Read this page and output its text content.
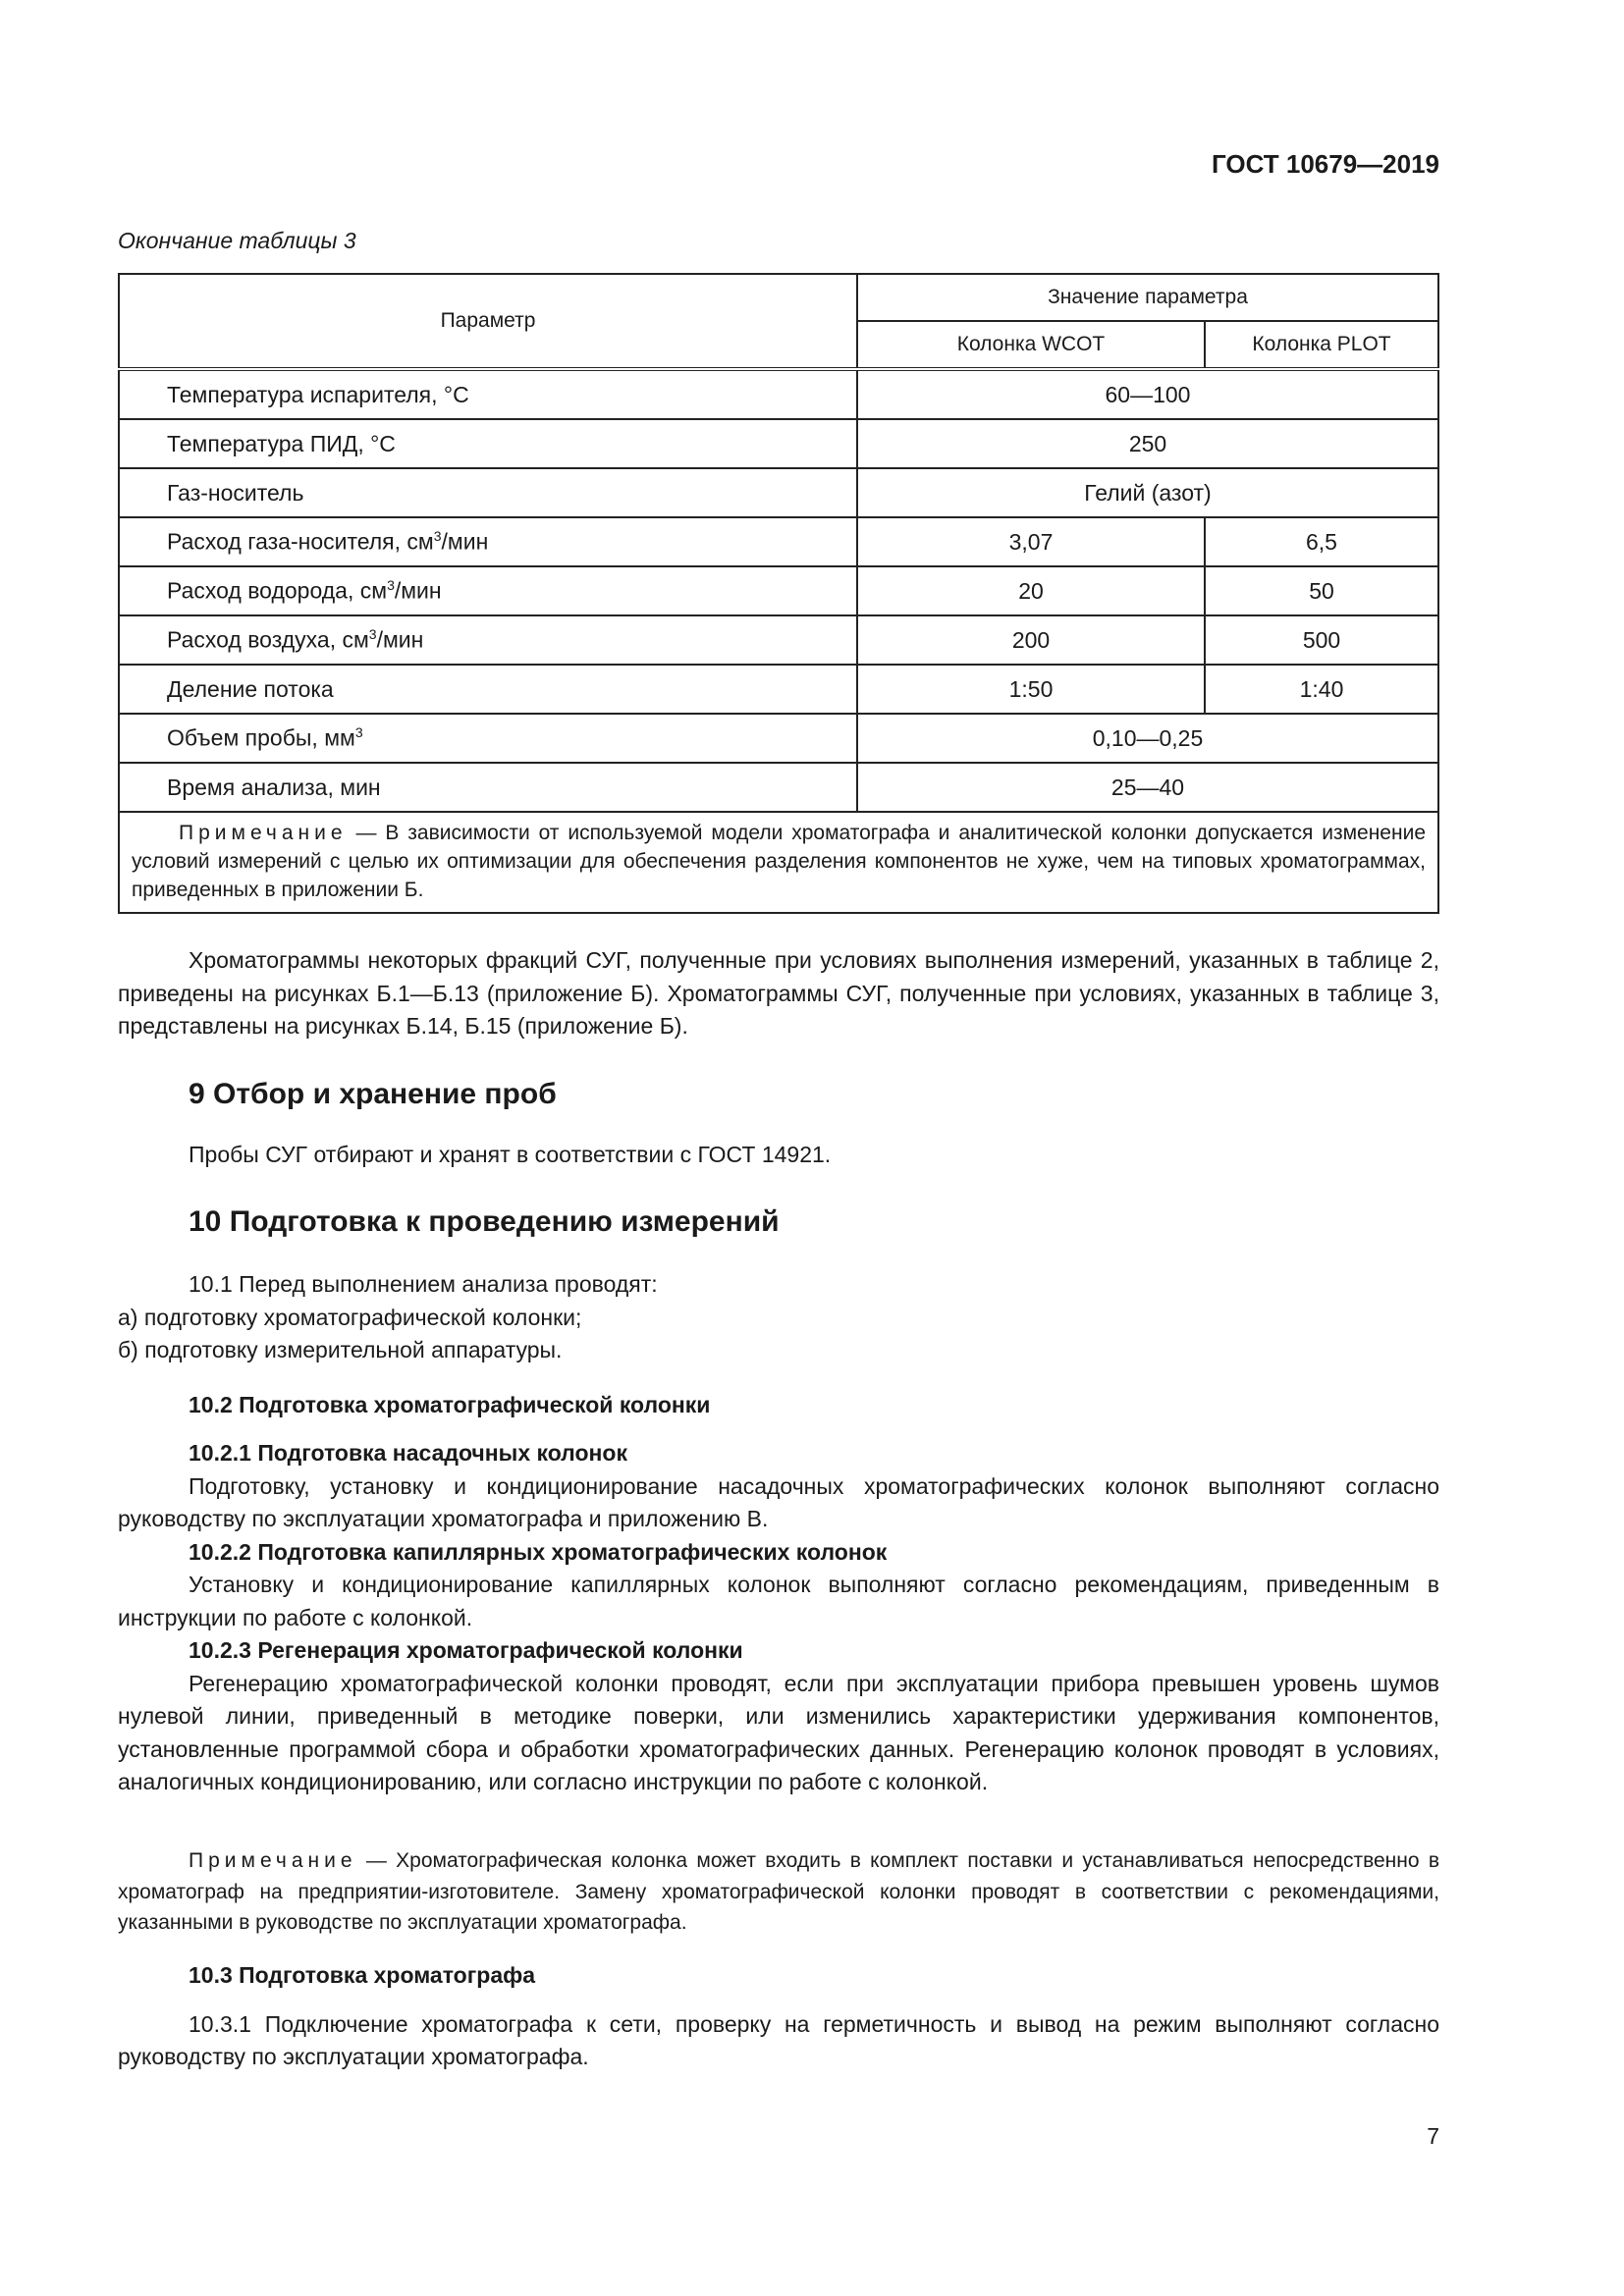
ГОСТ 10679—2019
Окончание таблицы 3
Параметр	Значение параметра	
	Колонка WCOT	Колонка PLOT
Температура испарителя, °С	60—100	
Температура ПИД, °С	250	
Газ-носитель	Гелий (азот)	
Расход газа-носителя, $см^3$/мин	3,07	6,5
Расход водорода, $см^3$/мин	20	50
Расход воздуха, $см^3$/мин	200	500
Деление потока	1:50	1:40
Объем пробы, $мм^3$	0,10—0,25	
Время анализа, мин	25—40	
Примечание — В зависимости от используемой модели хроматографа и аналитической колонки допускается изменение условий измерений с целью их оптимизации для обеспечения разделения компонентов не хуже, чем на типовых хроматограммах, приведенных в приложении Б.		

Хроматограммы некоторых фракций СУГ, полученные при условиях выполнения измерений, указанных в таблице 2, приведены на рисунках Б.1—Б.13 (приложение Б). Хроматограммы СУГ, полученные при условиях, указанных в таблице 3, представлены на рисунках Б.14, Б.15 (приложение Б).

9 Отбор и хранение проб

Пробы СУГ отбирают и хранят в соответствии с ГОСТ 14921.

10 Подготовка к проведению измерений

10.1 Перед выполнением анализа проводят:

а) подготовку хроматографической колонки;

б) подготовку измерительной аппаратуры.

10.2 Подготовка хроматографической колонки

10.2.1 Подготовка насадочных колонок

Подготовку, установку и кондиционирование насадочных хроматографических колонок выполняют согласно руководству по эксплуатации хроматографа и приложению В.

10.2.2 Подготовка капиллярных хроматографических колонок

Установку и кондиционирование капиллярных колонок выполняют согласно рекомендациям, приведенным в инструкции по работе с колонкой.

10.2.3 Регенерация хроматографической колонки

Регенерацию хроматографической колонки проводят, если при эксплуатации прибора превышен уровень шумов нулевой линии, приведенный в методике поверки, или изменились характеристики удерживания компонентов, установленные программой сбора и обработки хроматографических данных. Регенерацию колонок проводят в условиях, аналогичных кондиционированию, или согласно инструкции по работе с колонкой.

Примечание — Хроматографическая колонка может входить в комплект поставки и устанавливаться непосредственно в хроматограф на предприятии-изготовителе. Замену хроматографической колонки проводят в соответствии с рекомендациями, указанными в руководстве по эксплуатации хроматографа.

10.3 Подготовка хроматографа

10.3.1 Подключение хроматографа к сети, проверку на герметичность и вывод на режим выполняют согласно руководству по эксплуатации хроматографа.

7
